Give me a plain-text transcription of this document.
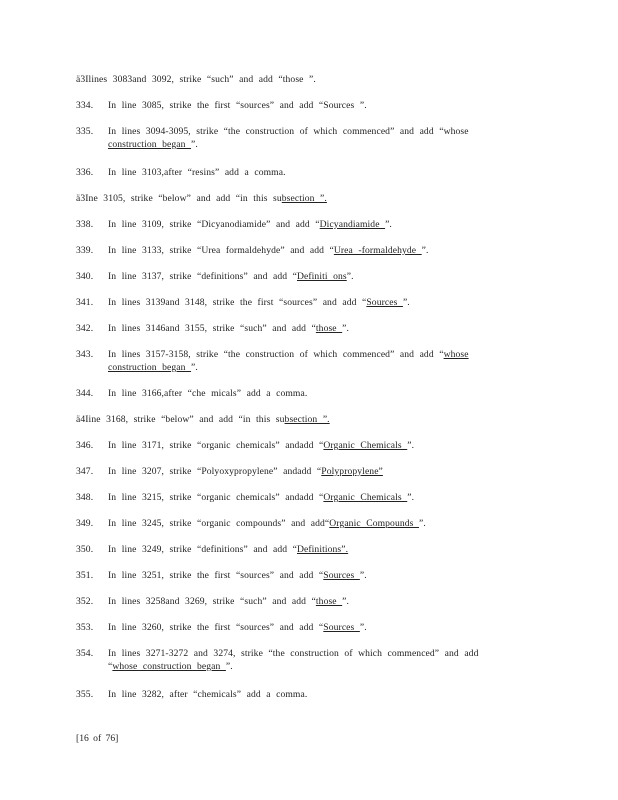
ä3Ilines 3083and 3092, strike “such” and add “those ”.
334.	In line 3085, strike the first “sources” and add “Sources ”.
335.	In lines 3094-3095, strike “the construction of which commenced” and add “whose construction began ”.
336.	In line 3103,after “resins” add a comma.
ä3Ine 3105, strike “below” and add “in this subsection ”.
338.	In line 3109, strike “Dicyanodiamide” and add “Dicyandiamide ”.
339.	In line 3133, strike “Urea formaldehyde” and add “Urea -formaldehyde ”.
340.	In line 3137, strike “definitions” and add “Definiti ons”.
341.	In lines 3139and 3148, strike the first “sources” and add “Sources ”.
342.	In lines 3146and 3155, strike “such” and add “those ”.
343.	In lines 3157-3158, strike “the construction of which commenced” and add “whose
construction began ”.
344.	In line 3166,after “che micals” add a comma.
ä4Iine 3168, strike “below” and add “in this subsection ”.
346.	In line 3171, strike “organic chemicals” andadd “Organic Chemicals ”.
347.	In line 3207, strike “Polyoxypropylene” andadd “Polypropylene”
348.	In line 3215, strike “organic chemicals” andadd “Organic Chemicals ”.
349.	In line 3245, strike “organic compounds” and add“Organic Compounds ”.
350.	In line 3249, strike “definitions” and add “Definitions”.
351.	In line 3251, strike the first “sources” and add “Sources ”.
352.	In lines 3258and 3269, strike “such” and add “those ”.
353.	In line 3260, strike the first “sources” and add “Sources ”.
354.	In lines 3271-3272 and 3274, strike “the construction of which commenced” and add
“whose construction began ”.
355.	In line 3282, after “chemicals” add a comma.
[16 of 76]
